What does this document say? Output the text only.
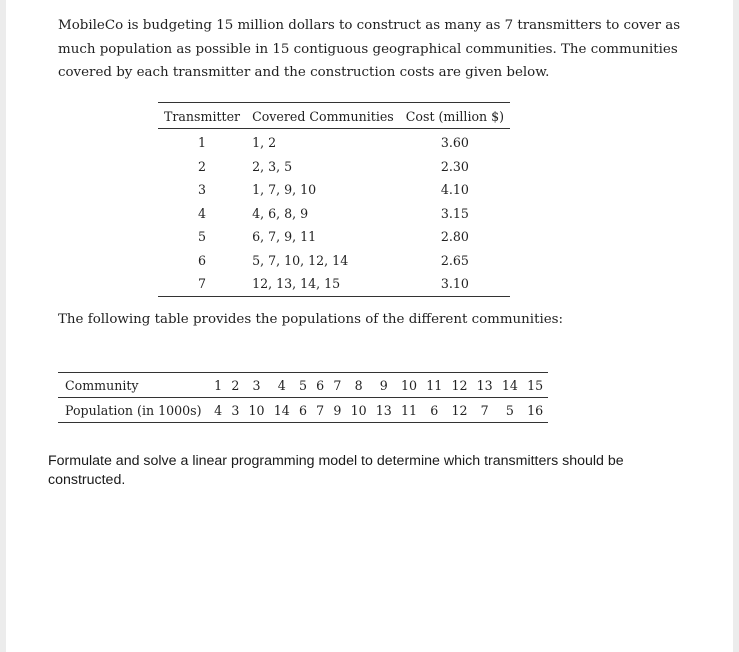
MobileCo is budgeting 15 million dollars to construct as many as 7 transmitters to cover as

much population as possible in 15 contiguous geographical communities. The communities

covered by each transmitter and the construction costs are given below.

Transmitter	Covered Communities	Cost (million $)
1	1, 2	3.60
2	2, 3, 5	2.30
3	1, 7, 9, 10	4.10
4	4, 6, 8, 9	3.15
5	6, 7, 9, 11	2.80
6	5, 7, 10, 12, 14	2.65
7	12, 13, 14, 15	3.10
The following table provides the populations of the different communities:
Community	1	2	3	4	5	6	7	8	9	10	11	12	13	14	15
Population (in 1000s)	4	3	10	14	6	7	9	10	13	11	6	12	7	5	16
Formulate and solve a linear programming model to determine which transmitters should be constructed.
